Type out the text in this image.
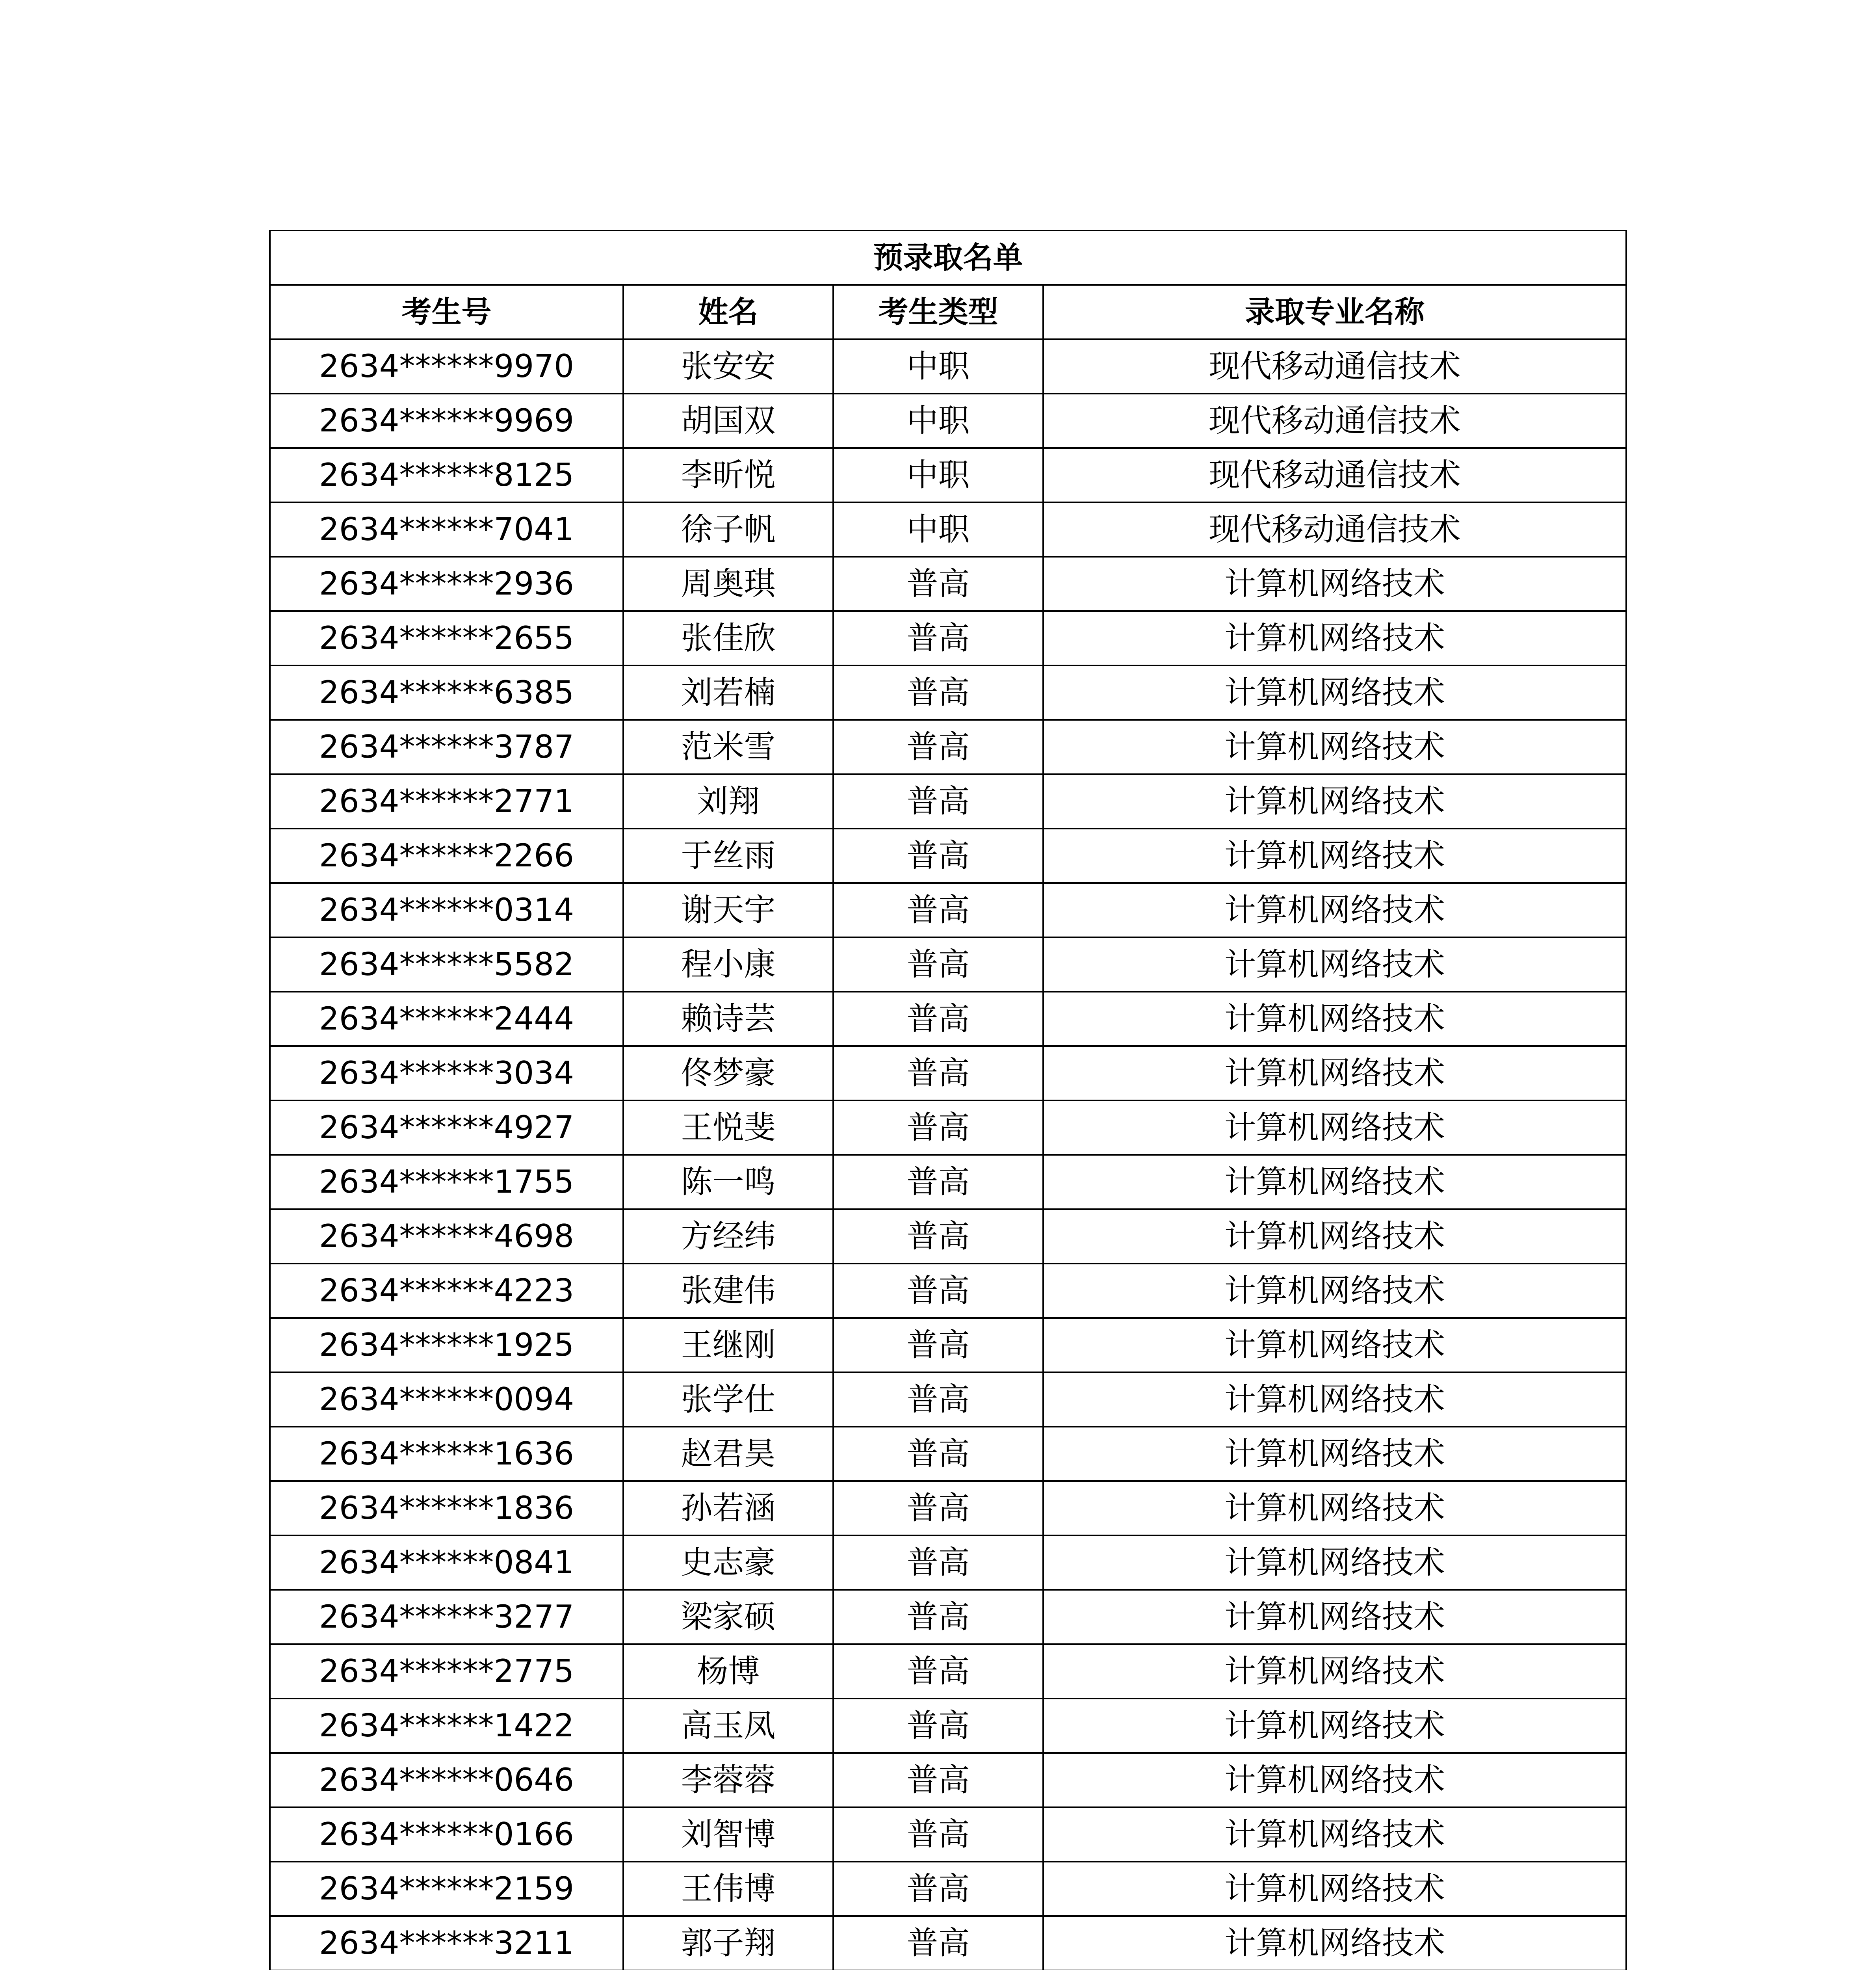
预录取名单			
考生号	姓名	考生类型	录取专业名称
2634******9970	张安安	中职	现代移动通信技术
2634******9969	胡国双	中职	现代移动通信技术
2634******8125	李昕悦	中职	现代移动通信技术
2634******7041	徐子帆	中职	现代移动通信技术
2634******2936	周奥琪	普高	计算机网络技术
2634******2655	张佳欣	普高	计算机网络技术
2634******6385	刘若楠	普高	计算机网络技术
2634******3787	范米雪	普高	计算机网络技术
2634******2771	刘翔	普高	计算机网络技术
2634******2266	于丝雨	普高	计算机网络技术
2634******0314	谢天宇	普高	计算机网络技术
2634******5582	程小康	普高	计算机网络技术
2634******2444	赖诗芸	普高	计算机网络技术
2634******3034	佟梦豪	普高	计算机网络技术
2634******4927	王悦斐	普高	计算机网络技术
2634******1755	陈一鸣	普高	计算机网络技术
2634******4698	方经纬	普高	计算机网络技术
2634******4223	张建伟	普高	计算机网络技术
2634******1925	王继刚	普高	计算机网络技术
2634******0094	张学仕	普高	计算机网络技术
2634******1636	赵君昊	普高	计算机网络技术
2634******1836	孙若涵	普高	计算机网络技术
2634******0841	史志豪	普高	计算机网络技术
2634******3277	梁家硕	普高	计算机网络技术
2634******2775	杨博	普高	计算机网络技术
2634******1422	高玉凤	普高	计算机网络技术
2634******0646	李蓉蓉	普高	计算机网络技术
2634******0166	刘智博	普高	计算机网络技术
2634******2159	王伟博	普高	计算机网络技术
2634******3211	郭子翔	普高	计算机网络技术
